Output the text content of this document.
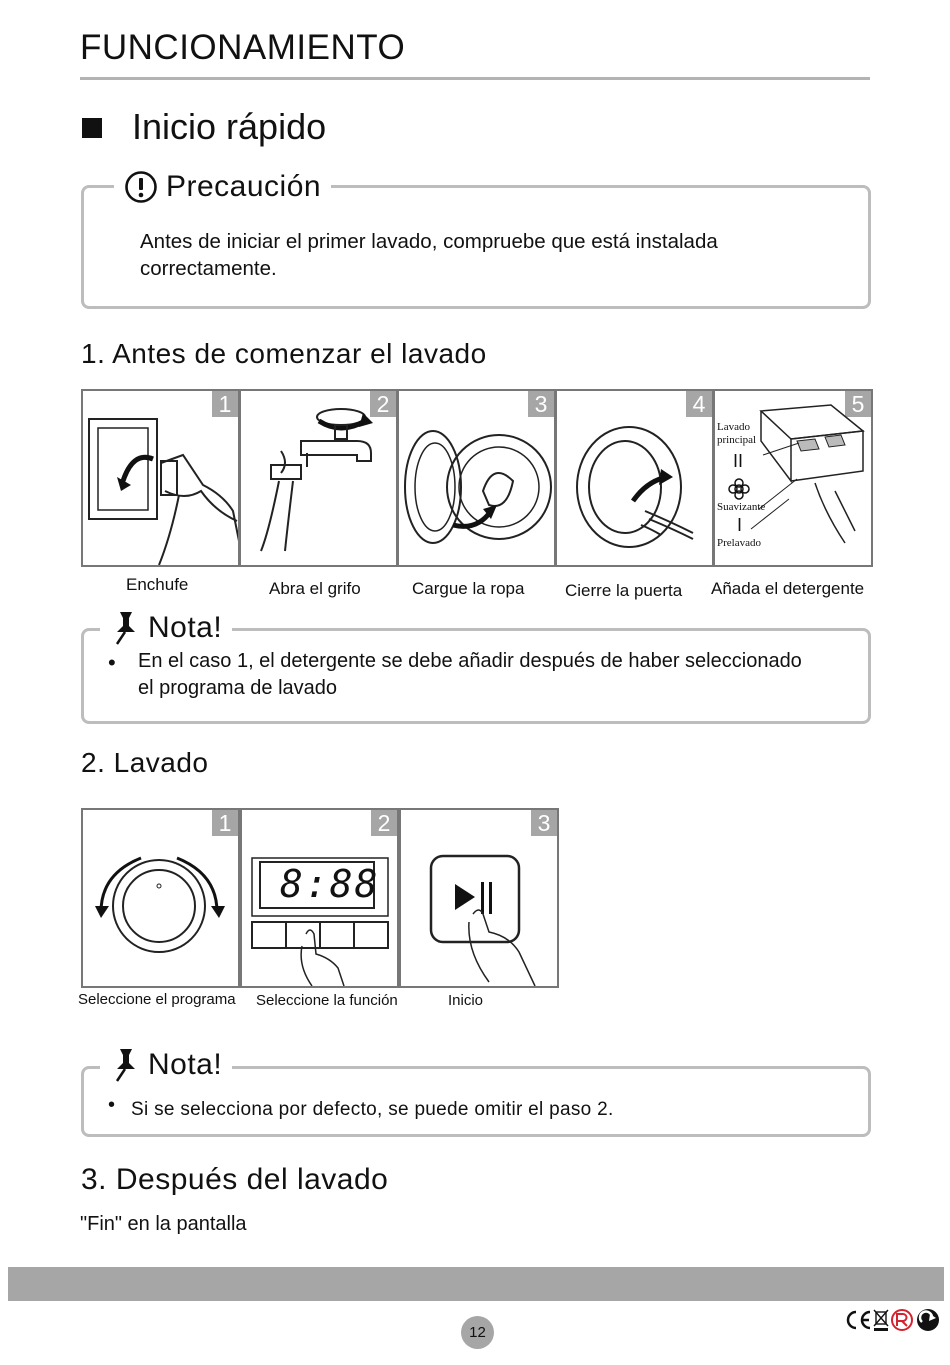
FUNCIONAMIENTO
Inicio rápido
Precaución
Antes de iniciar el primer lavado, compruebe que está instalada correctamente.
1. Antes de comenzar el lavado
1	2	3	4	5
Lavado principal
II
Suavizante
I
Prelavado
Enchufe	Abra el grifo	Cargue la ropa Cierre la puerta Añada el detergente
Nota!
• En el caso 1, el detergente se debe añadir después de haber seleccionado el programa de lavado
2. Lavado
1	2
8:88
3
Seleccione el programa Seleccione la función	Inicio
Nota!
• Si se selecciona por defecto, se puede omitir el paso 2.
3. Después del lavado
"Fin" en la pantalla
12
